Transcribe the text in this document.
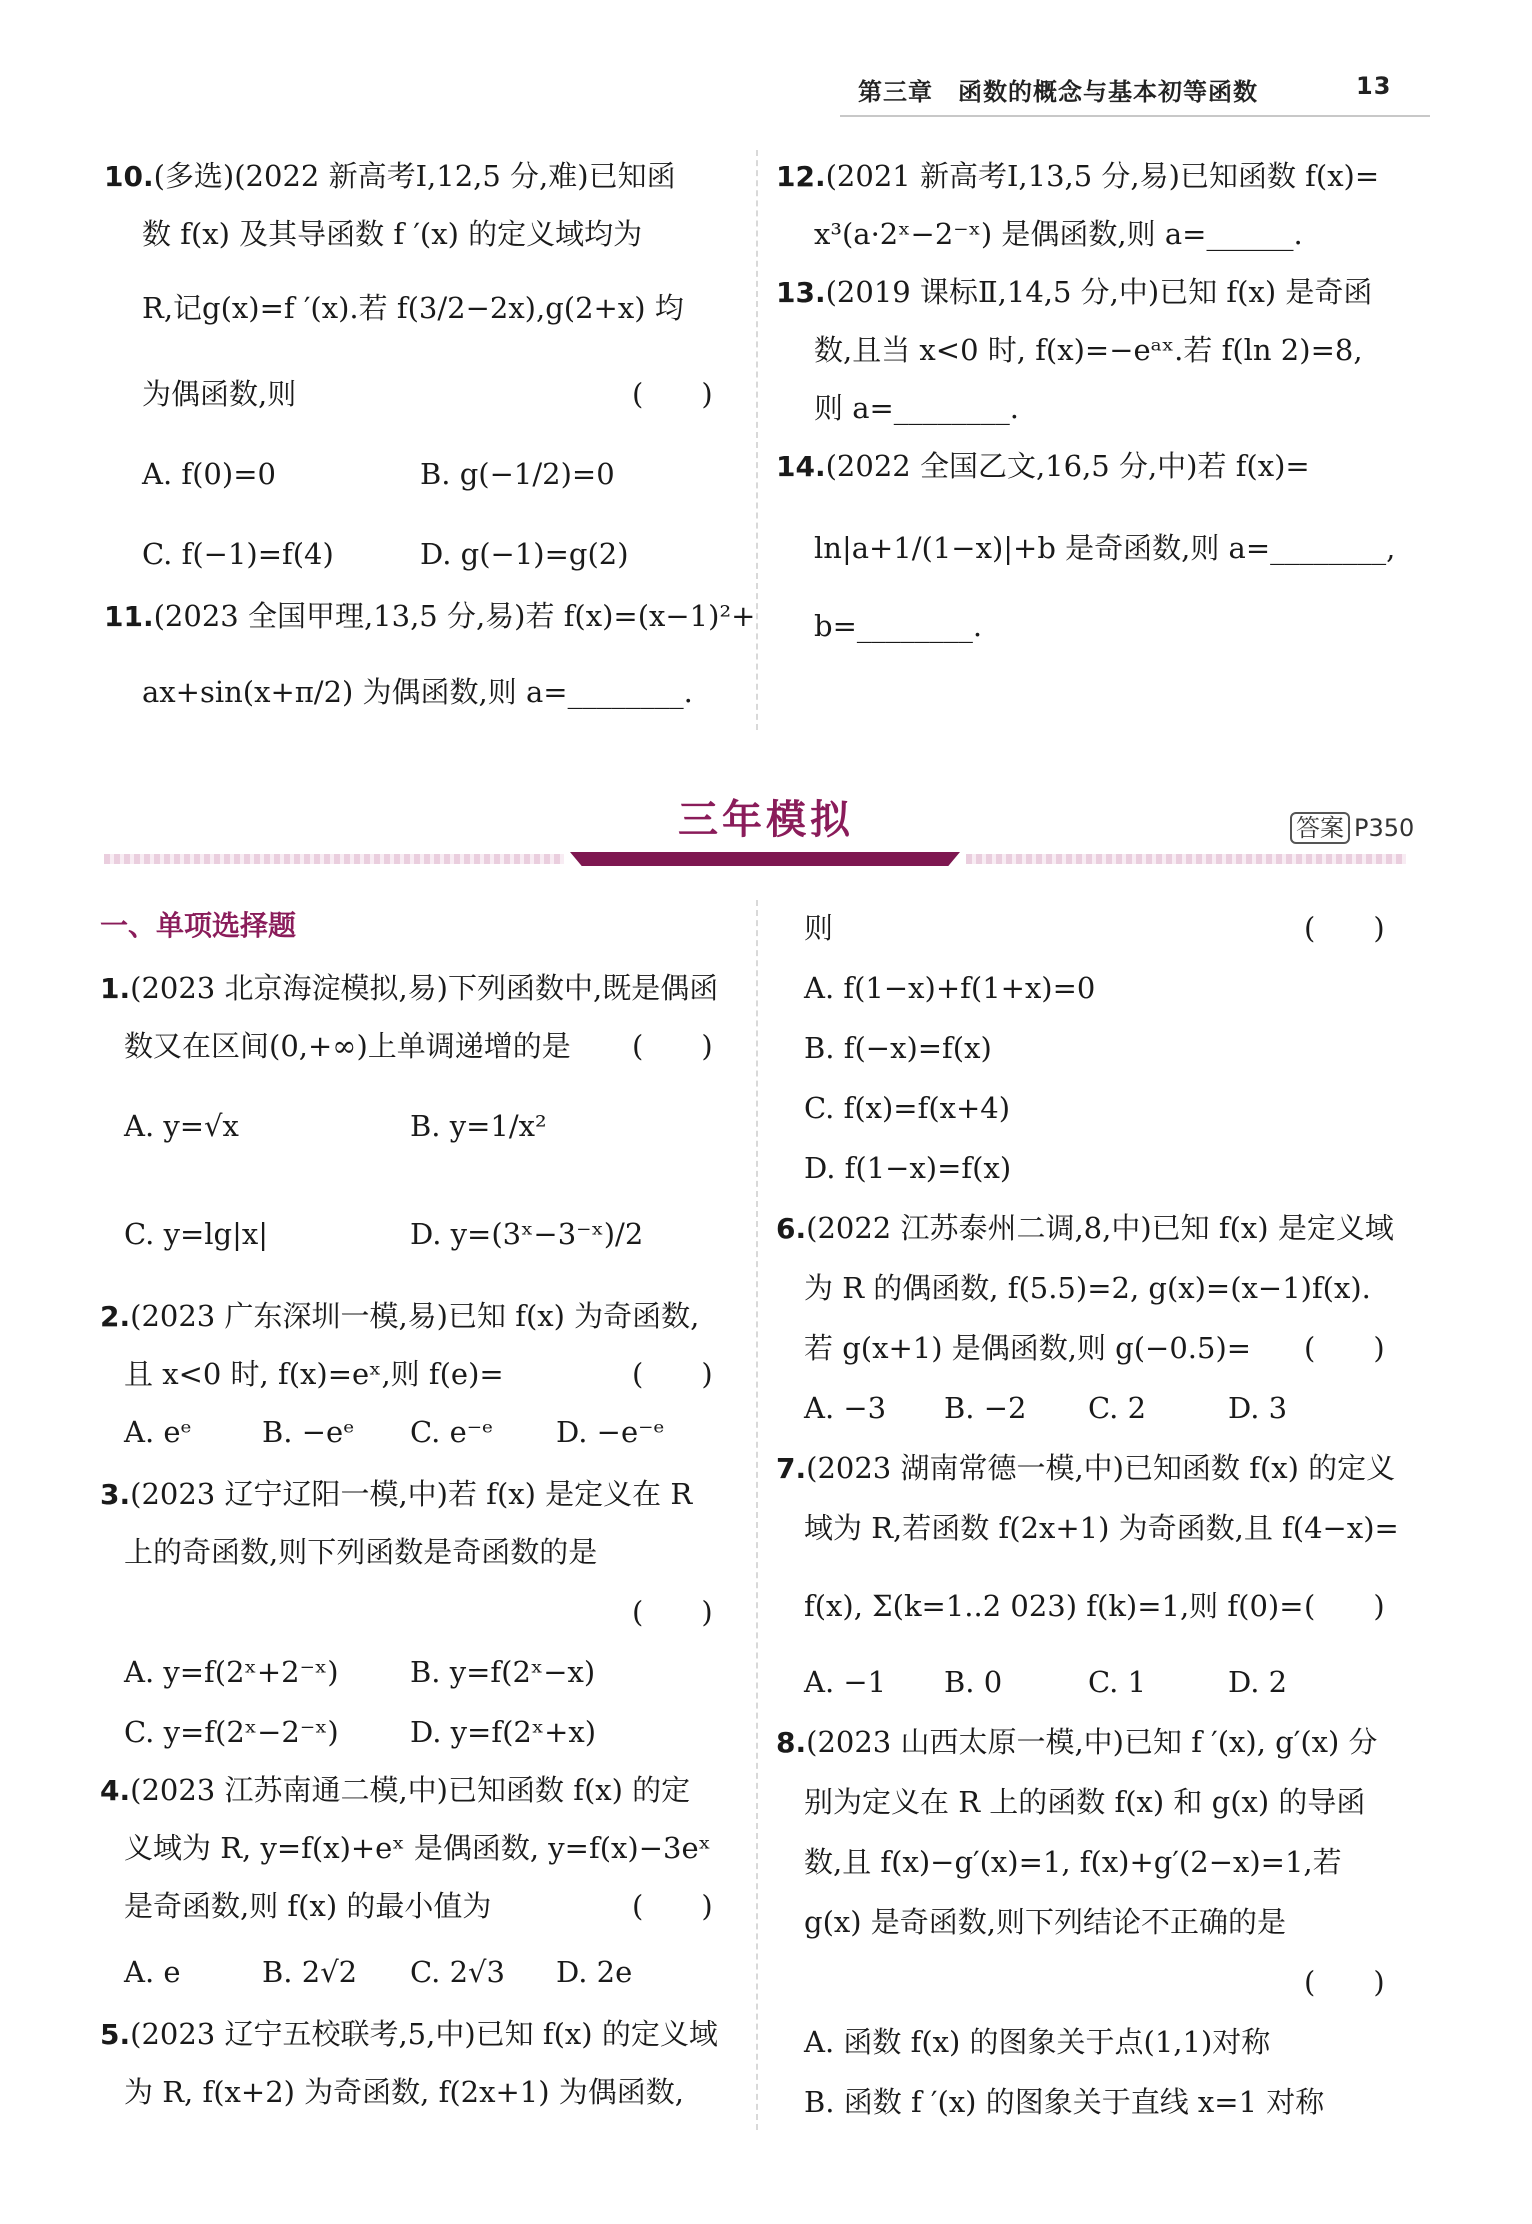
第三章　函数的概念与基本初等函数	13
10.(多选)(2022 新高考Ⅰ,12,5 分,难)已知函
数 f(x) 及其导函数 f ′(x) 的定义域均为
R,记g(x)=f ′(x).若 f(3/2−2x),g(2+x) 均
为偶函数,则	(　　)
A. f(0)=0	B. g(−1/2)=0
C. f(−1)=f(4)	D. g(−1)=g(2)
11.(2023 全国甲理,13,5 分,易)若 f(x)=(x−1)²+
ax+sin(x+π/2) 为偶函数,则 a=________.
12.(2021 新高考Ⅰ,13,5 分,易)已知函数 f(x)=
x³(a·2ˣ−2⁻ˣ) 是偶函数,则 a=______.
13.(2019 课标Ⅱ,14,5 分,中)已知 f(x) 是奇函
数,且当 x<0 时, f(x)=−eᵃˣ.若 f(ln 2)=8,
则 a=________.
14.(2022 全国乙文,16,5 分,中)若 f(x)=
ln|a+1/(1−x)|+b 是奇函数,则 a=________,
b=________.
三年模拟	答案 P350
一、单项选择题
1.(2023 北京海淀模拟,易)下列函数中,既是偶函
数又在区间(0,+∞)上单调递增的是 (　　)
A. y=√x	B. y=1/x²
C. y=lg|x|	D. y=(3ˣ−3⁻ˣ)/2
2.(2023 广东深圳一模,易)已知 f(x) 为奇函数,
且 x<0 时, f(x)=eˣ,则 f(e)=	(　　)
A. eᵉ B. −eᵉ C. e⁻ᵉ D. −e⁻ᵉ
3.(2023 辽宁辽阳一模,中)若 f(x) 是定义在 R
上的奇函数,则下列函数是奇函数的是
(　　)
A. y=f(2ˣ+2⁻ˣ) B. y=f(2ˣ−x)
C. y=f(2ˣ−2⁻ˣ) D. y=f(2ˣ+x)
4.(2023 江苏南通二模,中)已知函数 f(x) 的定
义域为 R, y=f(x)+eˣ 是偶函数, y=f(x)−3eˣ
是奇函数,则 f(x) 的最小值为	(　　)
A. e	B. 2√2 C. 2√3 D. 2e
5.(2023 辽宁五校联考,5,中)已知 f(x) 的定义域
为 R, f(x+2) 为奇函数, f(2x+1) 为偶函数,
则	(　　)
A. f(1−x)+f(1+x)=0
B. f(−x)=f(x)
C. f(x)=f(x+4)
D. f(1−x)=f(x)
6.(2022 江苏泰州二调,8,中)已知 f(x) 是定义域
为 R 的偶函数, f(5.5)=2, g(x)=(x−1)f(x).
若 g(x+1) 是偶函数,则 g(−0.5)= (　　)
A. −3 B. −2 C. 2	D. 3
7.(2023 湖南常德一模,中)已知函数 f(x) 的定义
域为 R,若函数 f(2x+1) 为奇函数,且 f(4−x)=
f(x), Σ(k=1..2 023) f(k)=1,则 f(0)= (　　)
A. −1 B. 0	C. 1	D. 2
8.(2023 山西太原一模,中)已知 f ′(x), g′(x) 分
别为定义在 R 上的函数 f(x) 和 g(x) 的导函
数,且 f(x)−g′(x)=1, f(x)+g′(2−x)=1,若
g(x) 是奇函数,则下列结论不正确的是
(　　)
A. 函数 f(x) 的图象关于点(1,1)对称
B. 函数 f ′(x) 的图象关于直线 x=1 对称
